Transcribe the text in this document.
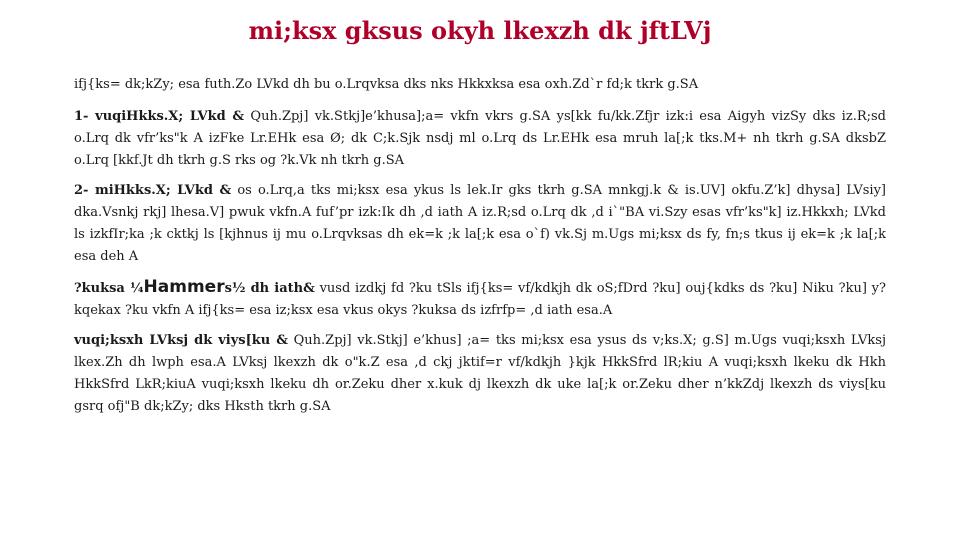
mi;ksx gksus okyh lkexzh dk jftLVj

ifj{ks= dk;kZy; esa futh.Zo LVkd dh bu o.Lrqvksa dks nks Hkkxksa esa oxh.Zd`r fd;k tkrk g.SA

1- vuqiHkks.X; LVkd & Quh.Zpj] vk.Stkj]e’khusa];a= vkfn vkrs g.SA ys[kk fu/kk.Zfjr izk:i esa Aigyh vizSy dks iz.R;sd o.Lrq dk vfr’ks"k A izFke Lr.EHk esa Ø; dk C;k.Sjk nsdj ml o.Lrq ds Lr.EHk esa mruh la[;k tks.M+ nh tkrh g.SA dksbZ o.Lrq [kkf.Jt dh tkrh g.S rks og ?k.Vk nh tkrh g.SA

2- miHkks.X; LVkd & os o.Lrq,a tks mi;ksx esa ykus ls lek.Ir gks tkrh g.SA mnkgj.k & is.UV] okfu.Z’k] dhysa] LVsiy] dka.Vsnkj rkj] lhesa.V] pwuk vkfn.A fuf’pr izk:Ik dh ,d iath A iz.R;sd o.Lrq dk ,d i`"BA vi.Szy esas vfr’ks"k] iz.Hkkxh; LVkd ls izkfIr;ka ;k cktkj ls [kjhnus ij mu o.Lrqvksas dh ek=k ;k la[;k esa o`f) vk.Sj m.Ugs mi;ksx ds fy, fn;s tkus ij ek=k ;k la[;k esa deh A

?kuksa ¼Hammers½ dh iath& vusd izdkj fd ?ku tSls ifj{ks= vf/kdkjh dk oS;fDrd ?ku] ouj{kdks ds ?ku] Niku ?ku] y?kqekax ?ku vkfn A ifj{ks= esa iz;ksx esa vkus okys ?kuksa ds izfrfp= ,d iath esa.A

vuqi;ksxh LVksj dk viys[ku & Quh.Zpj] vk.Stkj] e’khus] ;a= tks mi;ksx esa ysus ds v;ks.X; g.S] m.Ugs vuqi;ksxh LVksj lkex.Zh dh lwph esa.A LVksj lkexzh dk o"k.Z esa ,d ckj jktif=r vf/kdkjh }kjk HkkSfrd lR;kiu A vuqi;ksxh lkeku dk Hkh HkkSfrd LkR;kiuA vuqi;ksxh lkeku dh or.Zeku dher x.kuk dj lkexzh dk uke la[;k or.Zeku dher n’kkZdj lkexzh ds viys[ku gsrq ofj"B dk;kZy; dks Hksth tkrh g.SA
